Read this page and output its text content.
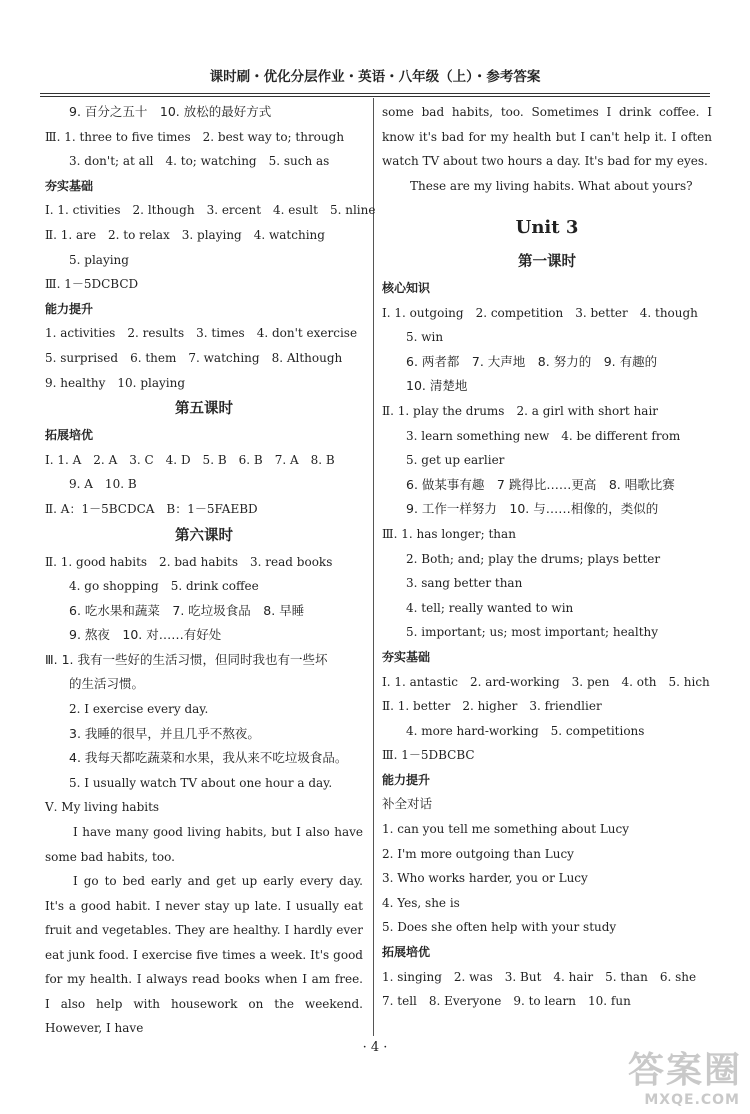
课时刷・优化分层作业・英语・八年级（上）・参考答案
9. 百分之五十　10. 放松的最好方式
Ⅲ. 1. three to five times　2. best way to; through
3. don't; at all　4. to; watching　5. such as
夯实基础
Ⅰ. 1. ctivities　2. lthough　3. ercent　4. esult　5. nline
Ⅱ. 1. are　2. to relax　3. playing　4. watching
5. playing
Ⅲ. 1－5DCBCD
能力提升
1. activities　2. results　3. times　4. don't exercise
5. surprised　6. them　7. watching　8. Although
9. healthy　10. playing
第五课时
拓展培优
Ⅰ. 1. A　2. A　3. C　4. D　5. B　6. B　7. A　8. B
9. A　10. B
Ⅱ. A：1－5BCDCA　B：1－5FAEBD
第六课时
Ⅱ. 1. good habits　2. bad habits　3. read books
4. go shopping　5. drink coffee
6. 吃水果和蔬菜　7. 吃垃圾食品　8. 早睡
9. 熬夜　10. 对……有好处
Ⅲ. 1. 我有一些好的生活习惯，但同时我也有一些坏
的生活习惯。
2. I exercise every day.
3. 我睡的很早，并且几乎不熬夜。
4. 我每天都吃蔬菜和水果，我从来不吃垃圾食品。
5. I usually watch TV about one hour a day.
Ⅴ. My living habits
I have many good living habits, but I also have some bad habits, too.
I go to bed early and get up early every day. It's a good habit. I never stay up late. I usually eat fruit and vegetables. They are healthy. I hardly ever eat junk food. I exercise five times a week. It's good for my health. I always read books when I am free. I also help with housework on the weekend. However, I have
some bad habits, too. Sometimes I drink coffee. I know it's bad for my health but I can't help it. I often watch TV about two hours a day. It's bad for my eyes.
These are my living habits. What about yours?
Unit 3
第一课时
核心知识
Ⅰ. 1. outgoing　2. competition　3. better　4. though
5. win
6. 两者都　7. 大声地　8. 努力的　9. 有趣的
10. 清楚地
Ⅱ. 1. play the drums　2. a girl with short hair
3. learn something new　4. be different from
5. get up earlier
6. 做某事有趣　7 跳得比……更高　8. 唱歌比赛
9. 工作一样努力　10. 与……相像的，类似的
Ⅲ. 1. has longer; than
2. Both; and; play the drums; plays better
3. sang better than
4. tell; really wanted to win
5. important; us; most important; healthy
夯实基础
Ⅰ. 1. antastic　2. ard-working　3. pen　4. oth　5. hich
Ⅱ. 1. better　2. higher　3. friendlier
4. more hard-working　5. competitions
Ⅲ. 1－5DBCBC
能力提升
补全对话
1. can you tell me something about Lucy
2. I'm more outgoing than Lucy
3. Who works harder, you or Lucy
4. Yes, she is
5. Does she often help with your study
拓展培优
1. singing　2. was　3. But　4. hair　5. than　6. she
7. tell　8. Everyone　9. to learn　10. fun
· 4 ·
答案圈
MXQE.COM
